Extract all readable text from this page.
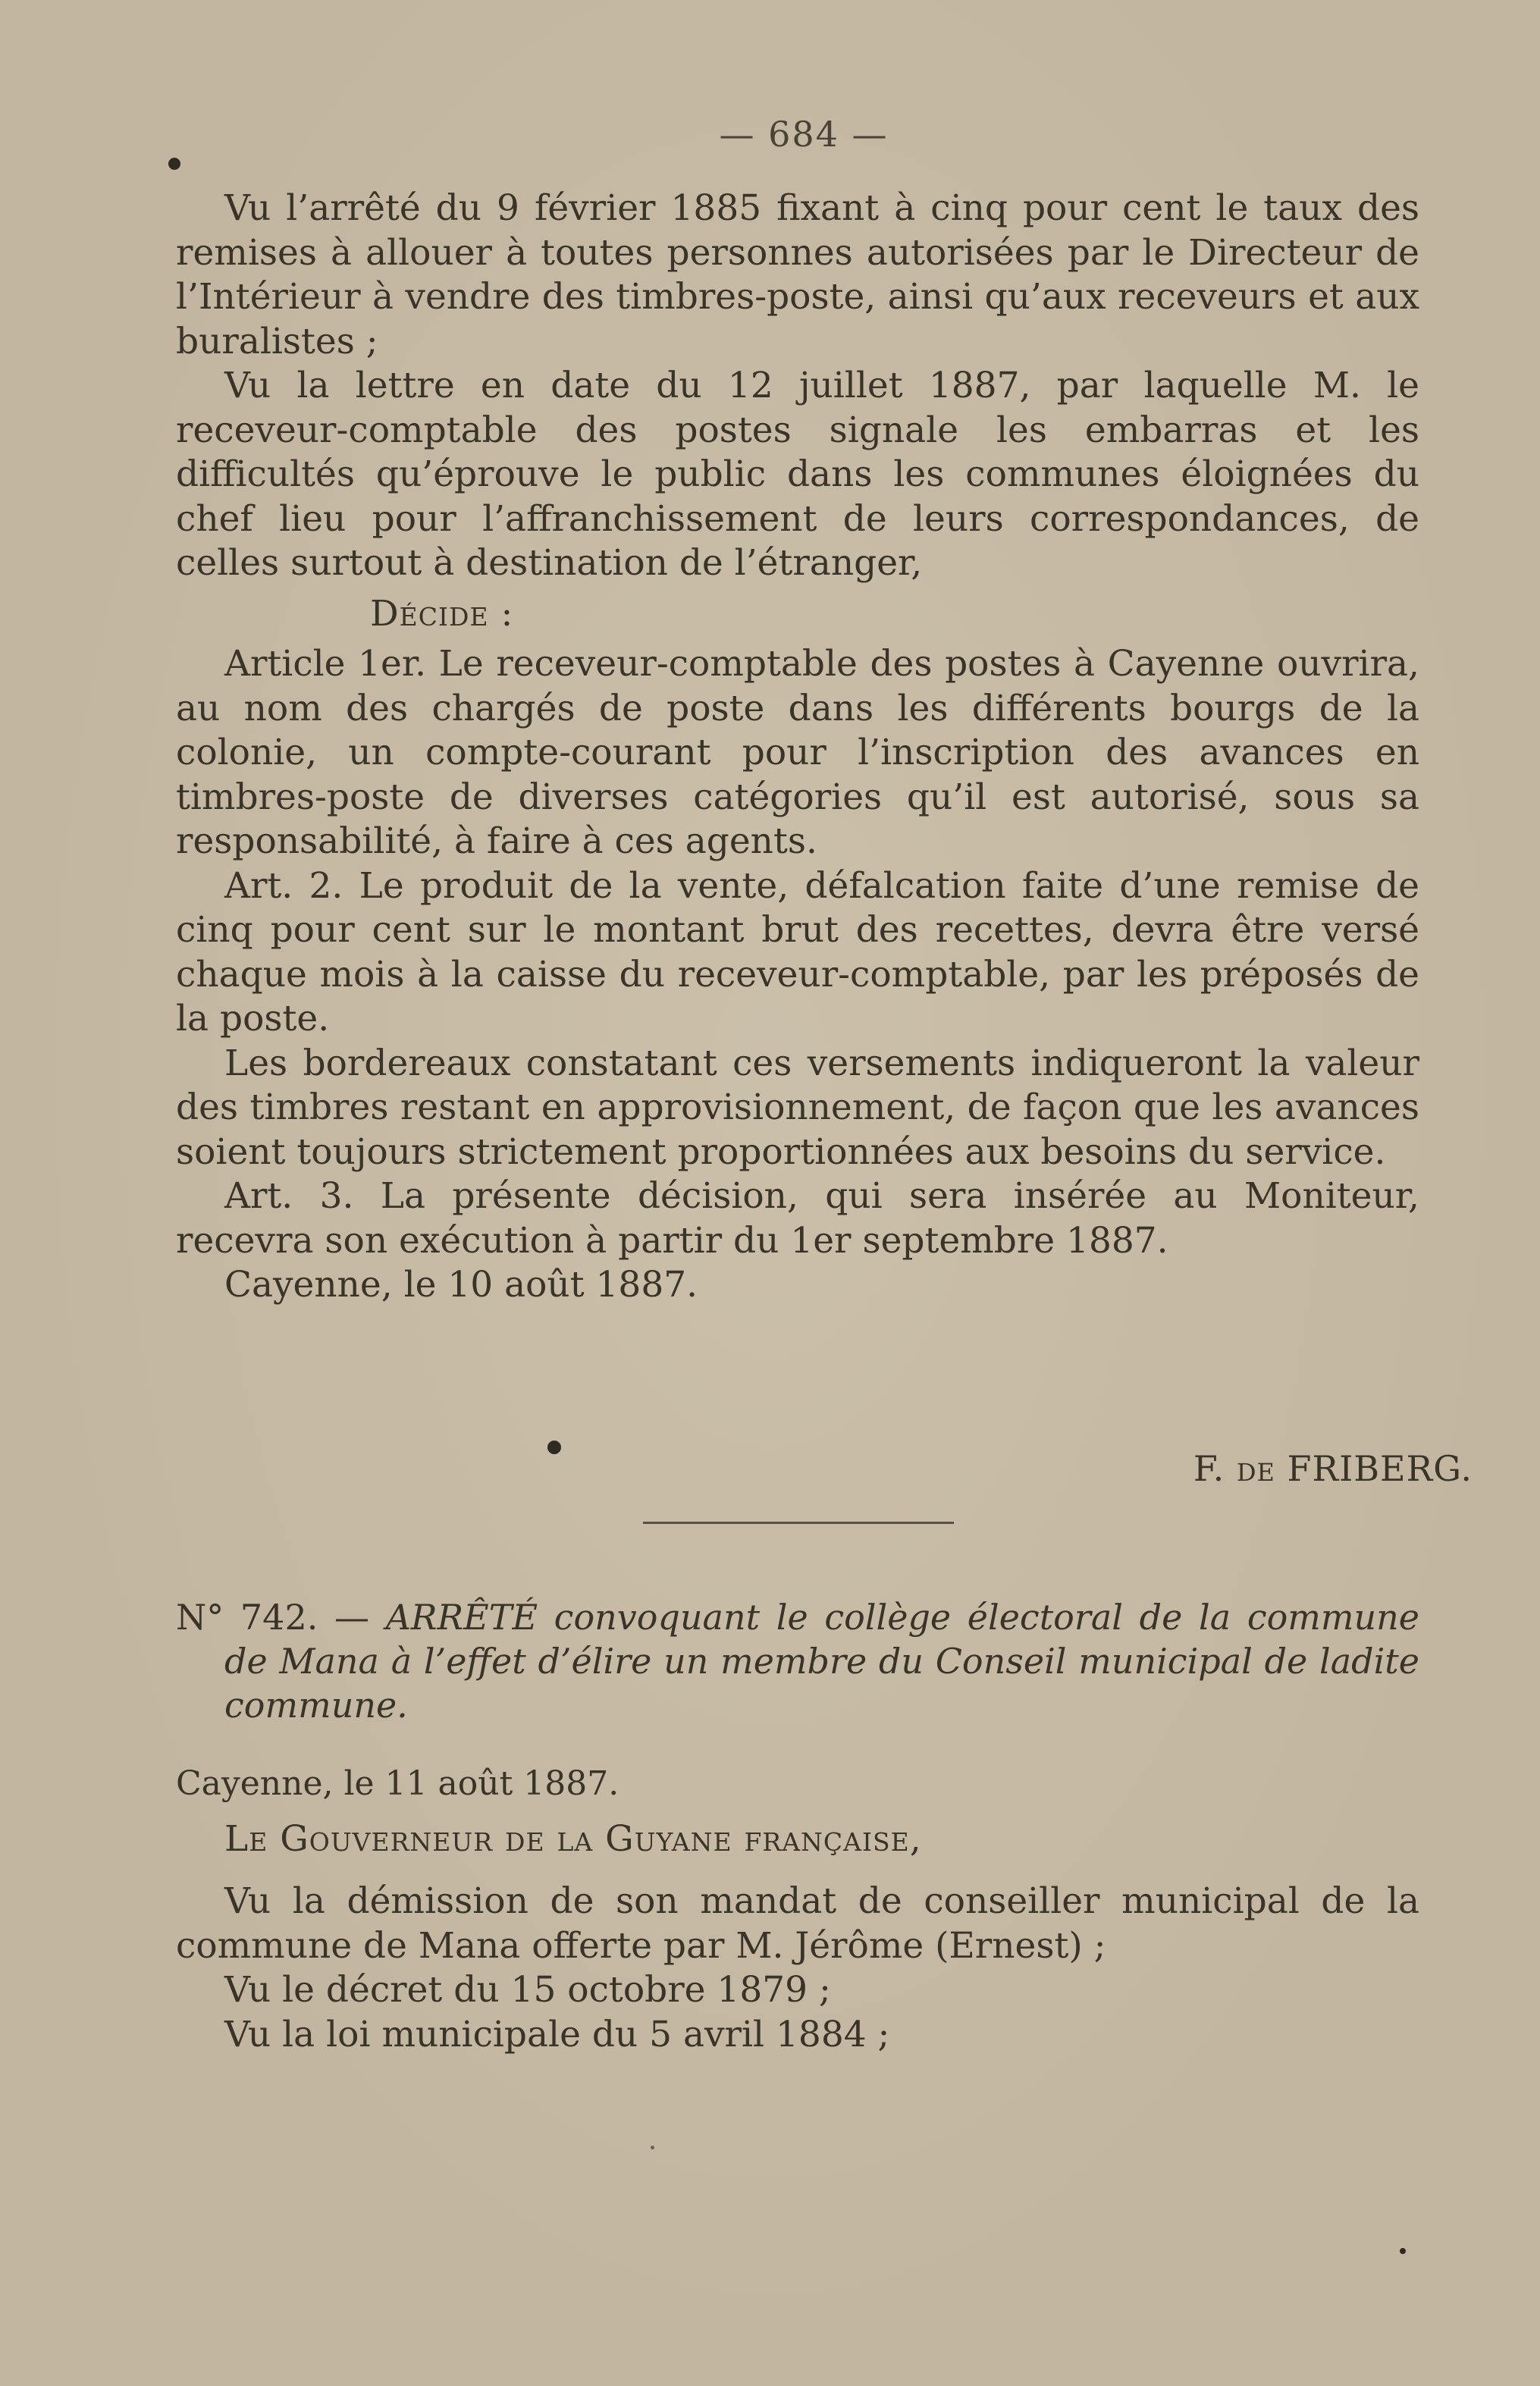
— 684 —

Vu l’arrêté du 9 février 1885 fixant à cinq pour cent le taux des remises à allouer à toutes personnes autorisées par le Directeur de l’Intérieur à vendre des timbres-poste, ainsi qu’aux receveurs et aux buralistes ;

Vu la lettre en date du 12 juillet 1887, par laquelle M. le receveur-comptable des postes signale les embarras et les difficultés qu’éprouve le public dans les communes éloignées du chef lieu pour l’affranchissement de leurs correspondances, de celles surtout à destination de l’étranger,

Décide :

Article 1er. Le receveur-comptable des postes à Cayenne ouvrira, au nom des chargés de poste dans les différents bourgs de la colonie, un compte-courant pour l’inscription des avances en timbres-poste de diverses catégories qu’il est autorisé, sous sa responsabilité, à faire à ces agents.

Art. 2. Le produit de la vente, défalcation faite d’une remise de cinq pour cent sur le montant brut des recettes, devra être versé chaque mois à la caisse du receveur-comptable, par les préposés de la poste.

Les bordereaux constatant ces versements indiqueront la valeur des timbres restant en approvisionnement, de façon que les avances soient toujours strictement proportionnées aux besoins du service.

Art. 3. La présente décision, qui sera insérée au Moniteur, recevra son exécution à partir du 1er septembre 1887.

Cayenne, le 10 août 1887.

F. de FRIBERG.

N° 742. — ARRÊTÉ convoquant le collège électoral de la commune de Mana à l’effet d’élire un membre du Conseil municipal de ladite commune.

Cayenne, le 11 août 1887.

Le Gouverneur de la Guyane française,

Vu la démission de son mandat de conseiller municipal de la commune de Mana offerte par M. Jérôme (Ernest) ;

Vu le décret du 15 octobre 1879 ;

Vu la loi municipale du 5 avril 1884 ;
